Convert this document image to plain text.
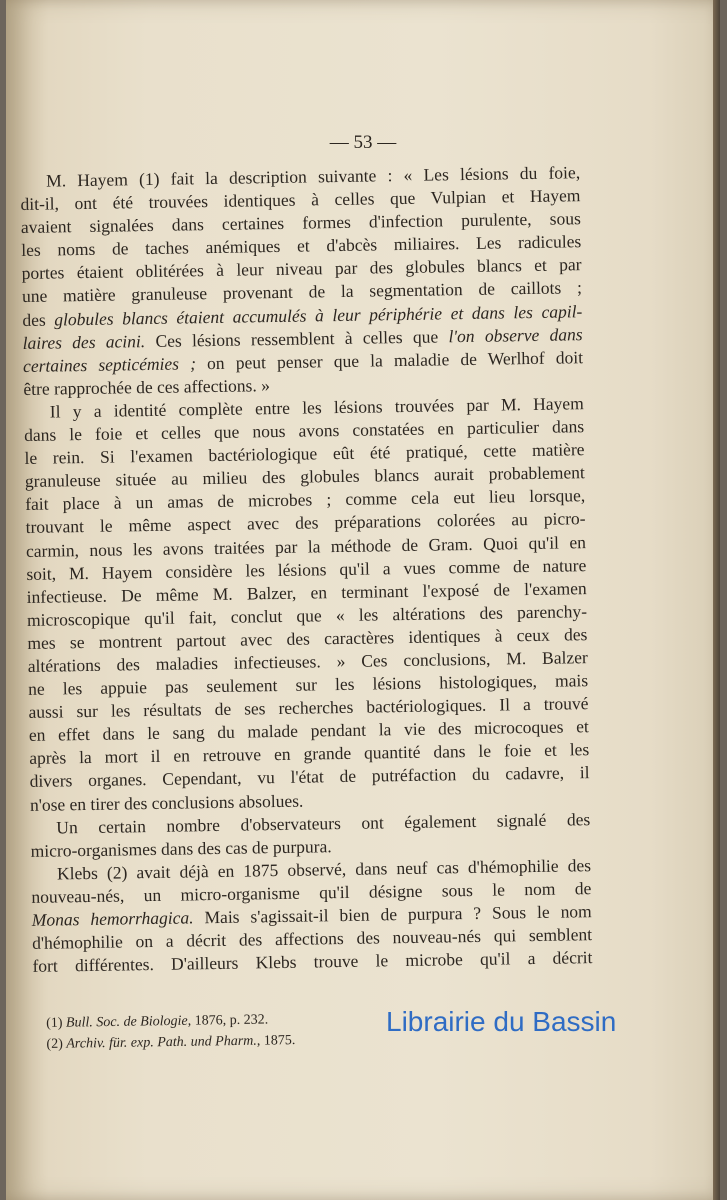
— 53 —
M. Hayem (1) fait la description suivante : « Les lésions du foie,
dit-il, ont été trouvées identiques à celles que Vulpian et Hayem
avaient signalées dans certaines formes d'infection purulente, sous
les noms de taches anémiques et d'abcès miliaires. Les radicules
portes étaient oblitérées à leur niveau par des globules blancs et par
une matière granuleuse provenant de la segmentation de caillots ;
des globules blancs étaient accumulés à leur périphérie et dans les capil-
laires des acini. Ces lésions ressemblent à celles que l'on observe dans
certaines septicémies ; on peut penser que la maladie de Werlhof doit
être rapprochée de ces affections. »
Il y a identité complète entre les lésions trouvées par M. Hayem
dans le foie et celles que nous avons constatées en particulier dans
le rein. Si l'examen bactériologique eût été pratiqué, cette matière
granuleuse située au milieu des globules blancs aurait probablement
fait place à un amas de microbes ; comme cela eut lieu lorsque,
trouvant le même aspect avec des préparations colorées au picro-
carmin, nous les avons traitées par la méthode de Gram. Quoi qu'il en
soit, M. Hayem considère les lésions qu'il a vues comme de nature
infectieuse. De même M. Balzer, en terminant l'exposé de l'examen
microscopique qu'il fait, conclut que « les altérations des parenchy-
mes se montrent partout avec des caractères identiques à ceux des
altérations des maladies infectieuses. » Ces conclusions, M. Balzer
ne les appuie pas seulement sur les lésions histologiques, mais
aussi sur les résultats de ses recherches bactériologiques. Il a trouvé
en effet dans le sang du malade pendant la vie des microcoques et
après la mort il en retrouve en grande quantité dans le foie et les
divers organes. Cependant, vu l'état de putréfaction du cadavre, il
n'ose en tirer des conclusions absolues.
Un certain nombre d'observateurs ont également signalé des
micro-organismes dans des cas de purpura.
Klebs (2) avait déjà en 1875 observé, dans neuf cas d'hémophilie des
nouveau-nés, un micro-organisme qu'il désigne sous le nom de
Monas hemorrhagica. Mais s'agissait-il bien de purpura ? Sous le nom
d'hémophilie on a décrit des affections des nouveau-nés qui semblent
fort différentes. D'ailleurs Klebs trouve le microbe qu'il a décrit
(1) Bull. Soc. de Biologie, 1876, p. 232.
(2) Archiv. für. exp. Path. und Pharm., 1875.
Librairie du Bassin
